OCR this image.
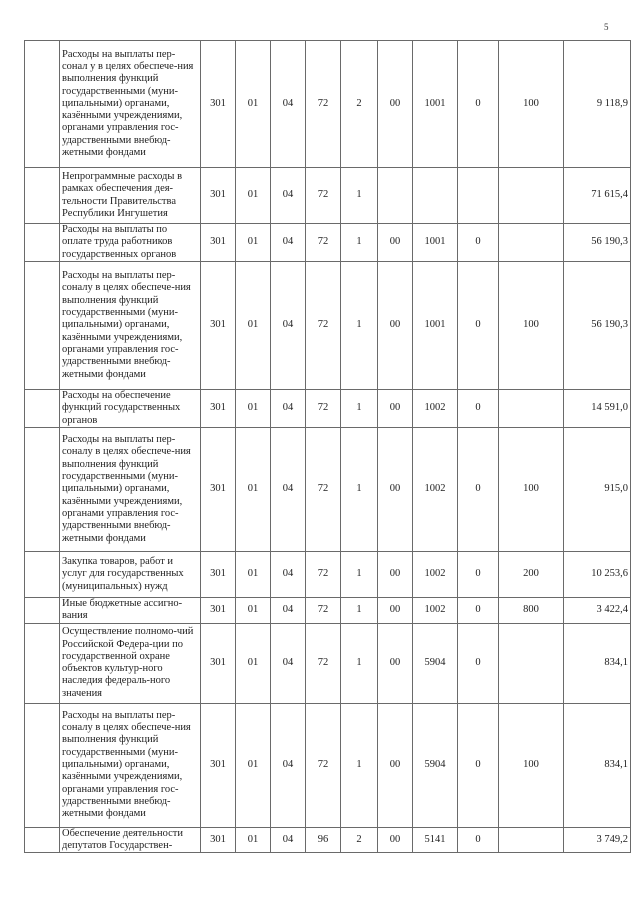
5
	Расходы на выплаты пер-сонал у в целях обеспече-ния выполнения функций государственными (муни-ципальными) органами, казёнными учреждениями, органами управления гос-ударственными внебюд-жетными фондами	301	01	04	72	2	00	1001	0	100	9 118,9
	Непрограммные расходы в рамках обеспечения дея-тельности Правительства Республики Ингушетия	301	01	04	72	1					71 615,4
	Расходы на выплаты по оплате труда работников государственных органов	301	01	04	72	1	00	1001	0		56 190,3
	Расходы на выплаты пер-соналу в целях обеспече-ния выполнения функций государственными (муни-ципальными) органами, казёнными учреждениями, органами управления гос-ударственными внебюд-жетными фондами	301	01	04	72	1	00	1001	0	100	56 190,3
	Расходы на обеспечение функций государственных органов	301	01	04	72	1	00	1002	0		14 591,0
	Расходы на выплаты пер-соналу в целях обеспече-ния выполнения функций государственными (муни-ципальными) органами, казёнными учреждениями, органами управления гос-ударственными внебюд-жетными фондами	301	01	04	72	1	00	1002	0	100	915,0
	Закупка товаров, работ и услуг для государственных (муниципальных) нужд	301	01	04	72	1	00	1002	0	200	10 253,6
	Иные бюджетные ассигно-вания	301	01	04	72	1	00	1002	0	800	3 422,4
	Осуществление полномо-чий Российской Федера-ции по государственной охране объектов культур-ного наследия федераль-ного значения	301	01	04	72	1	00	5904	0		834,1
	Расходы на выплаты пер-соналу в целях обеспече-ния выполнения функций государственными (муни-ципальными) органами, казёнными учреждениями, органами управления гос-ударственными внебюд-жетными фондами	301	01	04	72	1	00	5904	0	100	834,1
	Обеспечение деятельности депутатов Государствен-	301	01	04	96	2	00	5141	0		3 749,2
